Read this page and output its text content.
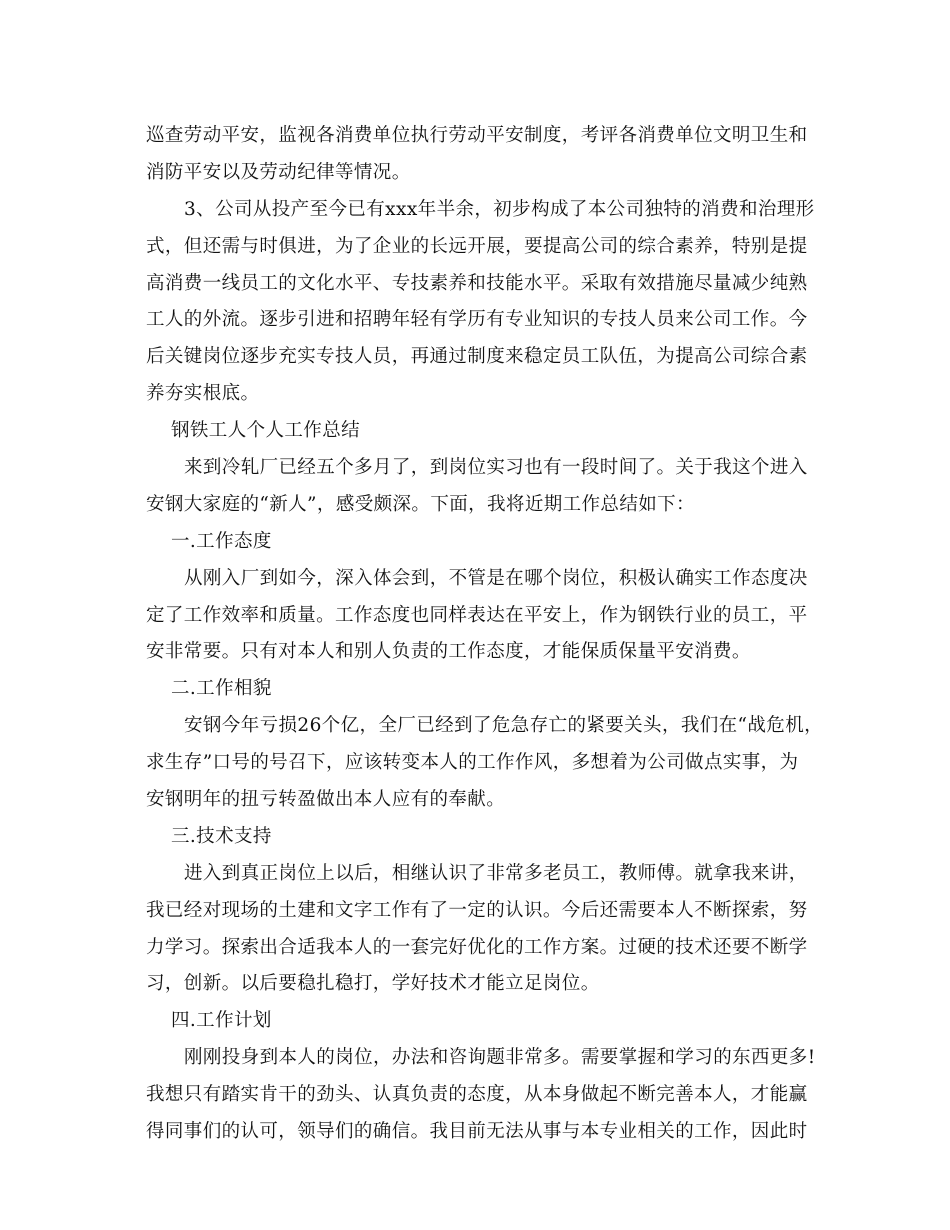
巡查劳动平安，监视各消费单位执行劳动平安制度，考评各消费单位文明卫生和
消防平安以及劳动纪律等情况。
3、公司从投产至今已有xxx年半余，初步构成了本公司独特的消费和治理形
式，但还需与时俱进，为了企业的长远开展，要提高公司的综合素养，特别是提
高消费一线员工的文化水平、专技素养和技能水平。采取有效措施尽量减少纯熟
工人的外流。逐步引进和招聘年轻有学历有专业知识的专技人员来公司工作。今
后关键岗位逐步充实专技人员，再通过制度来稳定员工队伍，为提高公司综合素
养夯实根底。
钢铁工人个人工作总结
来到冷轧厂已经五个多月了，到岗位实习也有一段时间了。关于我这个进入
安钢大家庭的“新人”，感受颇深。下面，我将近期工作总结如下：
一.工作态度
从刚入厂到如今，深入体会到，不管是在哪个岗位，积极认确实工作态度决
定了工作效率和质量。工作态度也同样表达在平安上，作为钢铁行业的员工，平
安非常要。只有对本人和别人负责的工作态度，才能保质保量平安消费。
二.工作相貌
安钢今年亏损26个亿，全厂已经到了危急存亡的紧要关头，我们在“战危机，
求生存”口号的号召下，应该转变本人的工作作风，多想着为公司做点实事，为
安钢明年的扭亏转盈做出本人应有的奉献。
三.技术支持
进入到真正岗位上以后，相继认识了非常多老员工，教师傅。就拿我来讲，
我已经对现场的土建和文字工作有了一定的认识。今后还需要本人不断探索，努
力学习。探索出合适我本人的一套完好优化的工作方案。过硬的技术还要不断学
习，创新。以后要稳扎稳打，学好技术才能立足岗位。
四.工作计划
刚刚投身到本人的岗位，办法和咨询题非常多。需要掌握和学习的东西更多!
我想只有踏实肯干的劲头、认真负责的态度，从本身做起不断完善本人，才能赢
得同事们的认可，领导们的确信。我目前无法从事与本专业相关的工作，因此时
